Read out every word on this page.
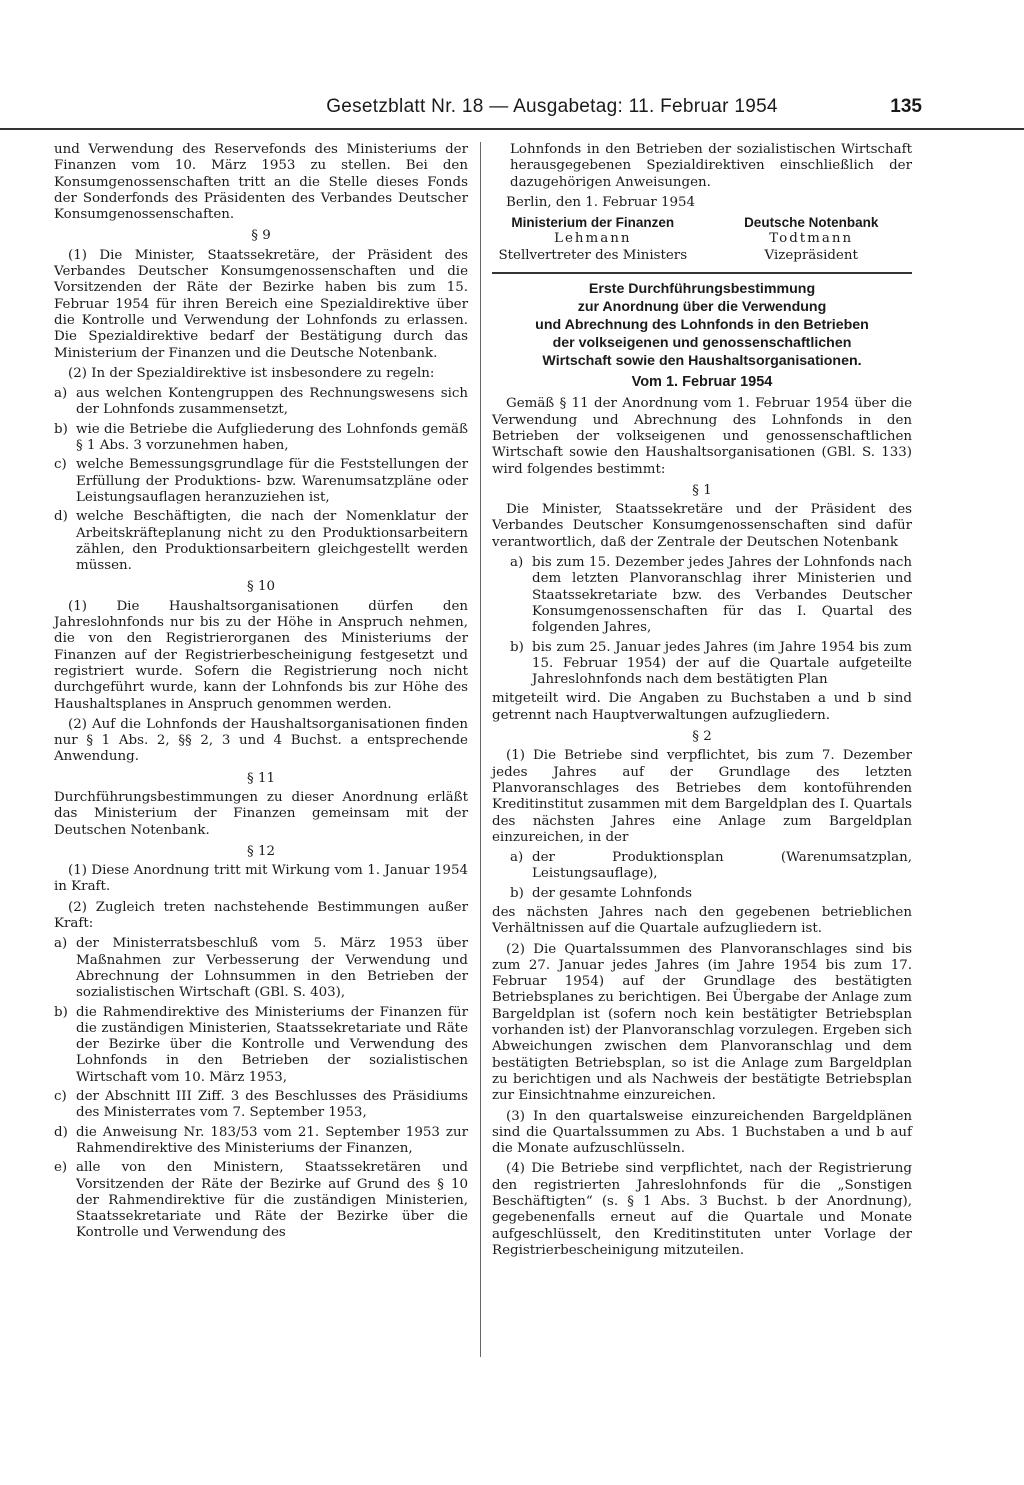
Gesetzblatt Nr. 18 — Ausgabetag: 11. Februar 1954	135

und Verwendung des Reservefonds des Ministeriums der Finanzen vom 10. März 1953 zu stellen. Bei den Konsumgenossenschaften tritt an die Stelle dieses Fonds der Sonderfonds des Präsidenten des Verbandes Deutscher Konsumgenossenschaften.

§ 9

(1) Die Minister, Staatssekretäre, der Präsident des Verbandes Deutscher Konsumgenossenschaften und die Vorsitzenden der Räte der Bezirke haben bis zum 15. Februar 1954 für ihren Bereich eine Spezialdirektive über die Kontrolle und Verwendung der Lohnfonds zu erlassen. Die Spezialdirektive bedarf der Bestätigung durch das Ministerium der Finanzen und die Deutsche Notenbank.

(2) In der Spezialdirektive ist insbesondere zu regeln:

a) aus welchen Kontengruppen des Rechnungswesens sich der Lohnfonds zusammensetzt,
b) wie die Betriebe die Aufgliederung des Lohnfonds gemäß § 1 Abs. 3 vorzunehmen haben,
c) welche Bemessungsgrundlage für die Feststellungen der Erfüllung der Produktions- bzw. Warenumsatzpläne oder Leistungsauflagen heranzuziehen ist,
d) welche Beschäftigten, die nach der Nomenklatur der Arbeitskräfteplanung nicht zu den Produktionsarbeitern zählen, den Produktionsarbeitern gleichgestellt werden müssen.
§ 10

(1) Die Haushaltsorganisationen dürfen den Jahreslohnfonds nur bis zu der Höhe in Anspruch nehmen, die von den Registrierorganen des Ministeriums der Finanzen auf der Registrierbescheinigung festgesetzt und registriert wurde. Sofern die Registrierung noch nicht durchgeführt wurde, kann der Lohnfonds bis zur Höhe des Haushaltsplanes in Anspruch genommen werden.

(2) Auf die Lohnfonds der Haushaltsorganisationen finden nur § 1 Abs. 2, §§ 2, 3 und 4 Buchst. a entsprechende Anwendung.

§ 11

Durchführungsbestimmungen zu dieser Anordnung erläßt das Ministerium der Finanzen gemeinsam mit der Deutschen Notenbank.

§ 12

(1) Diese Anordnung tritt mit Wirkung vom 1. Januar 1954 in Kraft.

(2) Zugleich treten nachstehende Bestimmungen außer Kraft:

a) der Ministerratsbeschluß vom 5. März 1953 über Maßnahmen zur Verbesserung der Verwendung und Abrechnung der Lohnsummen in den Betrieben der sozialistischen Wirtschaft (GBl. S. 403),
b) die Rahmendirektive des Ministeriums der Finanzen für die zuständigen Ministerien, Staatssekretariate und Räte der Bezirke über die Kontrolle und Verwendung des Lohnfonds in den Betrieben der sozialistischen Wirtschaft vom 10. März 1953,
c) der Abschnitt III Ziff. 3 des Beschlusses des Präsidiums des Ministerrates vom 7. September 1953,
d) die Anweisung Nr. 183/53 vom 21. September 1953 zur Rahmendirektive des Ministeriums der Finanzen,
e) alle von den Ministern, Staatssekretären und Vorsitzenden der Räte der Bezirke auf Grund des § 10 der Rahmendirektive für die zuständigen Ministerien, Staatssekretariate und Räte der Bezirke über die Kontrolle und Verwendung des

Lohnfonds in den Betrieben der sozialistischen Wirtschaft herausgegebenen Spezialdirektiven einschließlich der dazugehörigen Anweisungen.

Berlin, den 1. Februar 1954

Ministerium der Finanzen
Lehmann
Stellvertreter des Ministers
Deutsche Notenbank
Todtmann
Vizepräsident
Erste Durchführungsbestimmung
zur Anordnung über die Verwendung
und Abrechnung des Lohnfonds in den Betrieben
der volkseigenen und genossenschaftlichen
Wirtschaft sowie den Haushaltsorganisationen.
Vom 1. Februar 1954

Gemäß § 11 der Anordnung vom 1. Februar 1954 über die Verwendung und Abrechnung des Lohnfonds in den Betrieben der volkseigenen und genossenschaftlichen Wirtschaft sowie den Haushaltsorganisationen (GBl. S. 133) wird folgendes bestimmt:

§ 1

Die Minister, Staatssekretäre und der Präsident des Verbandes Deutscher Konsumgenossenschaften sind dafür verantwortlich, daß der Zentrale der Deutschen Notenbank

a) bis zum 15. Dezember jedes Jahres der Lohnfonds nach dem letzten Planvoranschlag ihrer Ministerien und Staatssekretariate bzw. des Verbandes Deutscher Konsumgenossenschaften für das I. Quartal des folgenden Jahres,
b) bis zum 25. Januar jedes Jahres (im Jahre 1954 bis zum 15. Februar 1954) der auf die Quartale aufgeteilte Jahreslohnfonds nach dem bestätigten Plan

mitgeteilt wird. Die Angaben zu Buchstaben a und b sind getrennt nach Hauptverwaltungen aufzugliedern.

§ 2

(1) Die Betriebe sind verpflichtet, bis zum 7. Dezember jedes Jahres auf der Grundlage des letzten Planvoranschlages des Betriebes dem kontoführenden Kreditinstitut zusammen mit dem Bargeldplan des I. Quartals des nächsten Jahres eine Anlage zum Bargeldplan einzureichen, in der

a) der Produktionsplan (Warenumsatzplan, Leistungsauflage),
b) der gesamte Lohnfonds

des nächsten Jahres nach den gegebenen betrieblichen Verhältnissen auf die Quartale aufzugliedern ist.

(2) Die Quartalssummen des Planvoranschlages sind bis zum 27. Januar jedes Jahres (im Jahre 1954 bis zum 17. Februar 1954) auf der Grundlage des bestätigten Betriebsplanes zu berichtigen. Bei Übergabe der Anlage zum Bargeldplan ist (sofern noch kein bestätigter Betriebsplan vorhanden ist) der Planvoranschlag vorzulegen. Ergeben sich Abweichungen zwischen dem Planvoranschlag und dem bestätigten Betriebsplan, so ist die Anlage zum Bargeldplan zu berichtigen und als Nachweis der bestätigte Betriebsplan zur Einsichtnahme einzureichen.

(3) In den quartalsweise einzureichenden Bargeldplänen sind die Quartalssummen zu Abs. 1 Buchstaben a und b auf die Monate aufzuschlüsseln.

(4) Die Betriebe sind verpflichtet, nach der Registrierung den registrierten Jahreslohnfonds für die „Sonstigen Beschäftigten“ (s. § 1 Abs. 3 Buchst. b der Anordnung), gegebenenfalls erneut auf die Quartale und Monate aufgeschlüsselt, den Kreditinstituten unter Vorlage der Registrierbescheinigung mitzuteilen.
